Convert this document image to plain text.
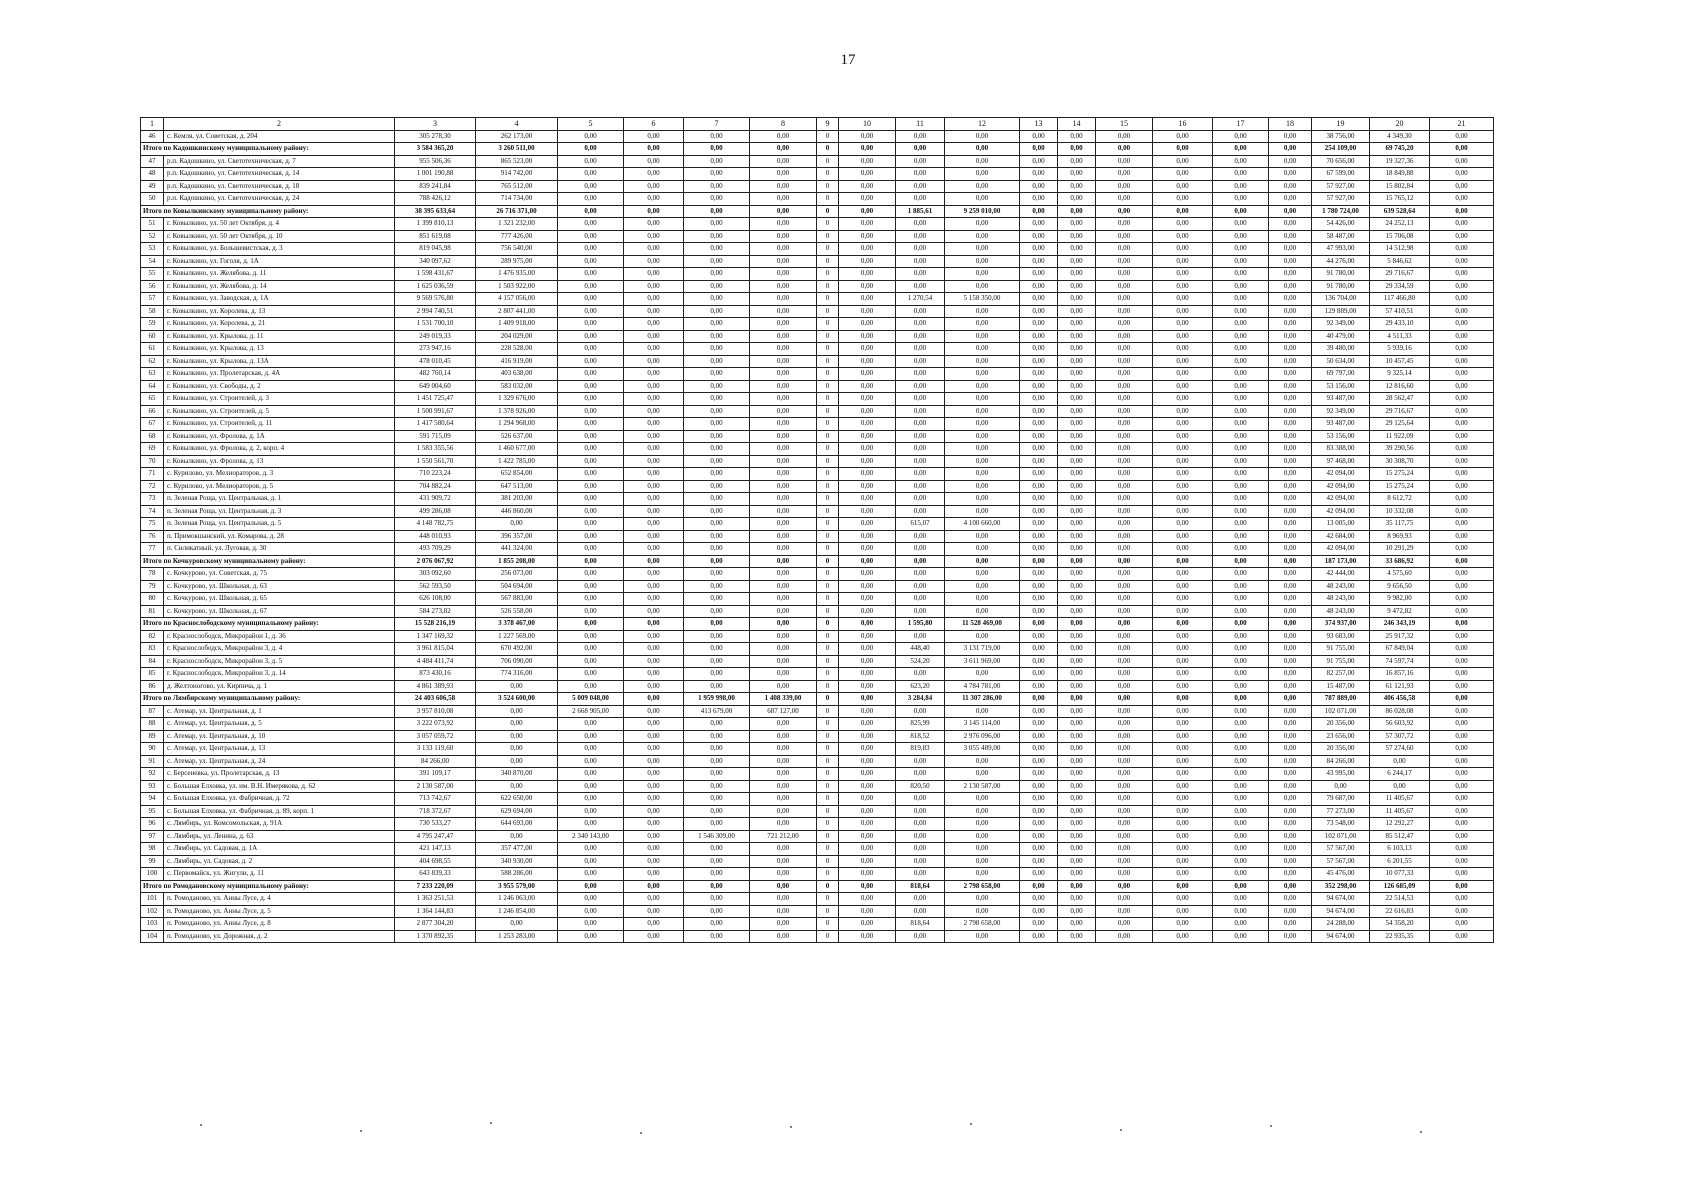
17
1	2	3	4	5	6	7	8	9	10	11	12	13	14	15	16	17	18	19	20	21
46	с. Кемля, ул. Советская, д. 204	305 278,30	262 173,00	0,00	0,00	0,00	0,00	0	0,00	0,00	0,00	0,00	0,00	0,00	0,00	0,00	0,00	38 756,00	4 349,30	0,00
Итого по Кадошкинскому муниципальному району:		3 584 365,20	3 260 511,00	0,00	0,00	0,00	0,00	0	0,00	0,00	0,00	0,00	0,00	0,00	0,00	0,00	0,00	254 109,00	69 745,20	0,00
47	р.п. Кадошкино, ул. Светотехническая, д. 7	955 506,36	865 523,00	0,00	0,00	0,00	0,00	0	0,00	0,00	0,00	0,00	0,00	0,00	0,00	0,00	0,00	70 656,00	19 327,36	0,00
48	р.п. Кадошкино, ул. Светотехническая, д. 14	1 001 190,88	914 742,00	0,00	0,00	0,00	0,00	0	0,00	0,00	0,00	0,00	0,00	0,00	0,00	0,00	0,00	67 599,00	18 849,88	0,00
49	р.п. Кадошкино, ул. Светотехническая, д. 18	839 241,84	765 512,00	0,00	0,00	0,00	0,00	0	0,00	0,00	0,00	0,00	0,00	0,00	0,00	0,00	0,00	57 927,00	15 802,84	0,00
50	р.п. Кадошкино, ул. Светотехническая, д. 24	788 426,12	714 734,00	0,00	0,00	0,00	0,00	0	0,00	0,00	0,00	0,00	0,00	0,00	0,00	0,00	0,00	57 927,00	15 765,12	0,00
Итого по Ковылкинскому муниципальному району:		38 395 633,64	26 716 371,00	0,00	0,00	0,00	0,00	0	0,00	1 885,61	9 259 010,00	0,00	0,00	0,00	0,00	0,00	0,00	1 780 724,00	639 528,64	0,00
51	г. Ковылкино, ул. 50 лет Октября, д. 4	1 399 810,13	1 321 232,00	0,00	0,00	0,00	0,00	0	0,00	0,00	0,00	0,00	0,00	0,00	0,00	0,00	0,00	54 426,00	24 252,13	0,00
52	г. Ковылкино, ул. 50 лет Октября, д. 10	851 619,08	777 426,00	0,00	0,00	0,00	0,00	0	0,00	0,00	0,00	0,00	0,00	0,00	0,00	0,00	0,00	58 487,00	15 706,08	0,00
53	г. Ковылкино, ул. Большевистская, д. 3	819 045,98	756 540,00	0,00	0,00	0,00	0,00	0	0,00	0,00	0,00	0,00	0,00	0,00	0,00	0,00	0,00	47 993,00	14 512,98	0,00
54	г. Ковылкино, ул. Гоголя, д. 1А	340 097,62	289 975,00	0,00	0,00	0,00	0,00	0	0,00	0,00	0,00	0,00	0,00	0,00	0,00	0,00	0,00	44 276,00	5 846,62	0,00
55	г. Ковылкино, ул. Желябова, д. 11	1 598 431,67	1 476 935,00	0,00	0,00	0,00	0,00	0	0,00	0,00	0,00	0,00	0,00	0,00	0,00	0,00	0,00	91 780,00	29 716,67	0,00
56	г. Ковылкино, ул. Желябова, д. 14	1 625 036,59	1 503 922,00	0,00	0,00	0,00	0,00	0	0,00	0,00	0,00	0,00	0,00	0,00	0,00	0,00	0,00	91 780,00	29 334,59	0,00
57	г. Ковылкино, ул. Заводская, д. 1А	9 569 576,80	4 157 056,00	0,00	0,00	0,00	0,00	0	0,00	1 270,54	5 158 350,00	0,00	0,00	0,00	0,00	0,00	0,00	136 704,00	117 466,80	0,00
58	г. Ковылкино, ул. Королева, д. 13	2 994 740,51	2 807 441,00	0,00	0,00	0,00	0,00	0	0,00	0,00	0,00	0,00	0,00	0,00	0,00	0,00	0,00	129 889,00	57 410,51	0,00
59	г. Ковылкино, ул. Королева, д. 21	1 531 700,10	1 409 918,00	0,00	0,00	0,00	0,00	0	0,00	0,00	0,00	0,00	0,00	0,00	0,00	0,00	0,00	92 349,00	29 433,10	0,00
60	г. Ковылкино, ул. Крылова, д. 11	249 019,33	204 029,00	0,00	0,00	0,00	0,00	0	0,00	0,00	0,00	0,00	0,00	0,00	0,00	0,00	0,00	40 479,00	4 511,33	0,00
61	г. Ковылкино, ул. Крылова, д. 13	273 947,16	228 528,00	0,00	0,00	0,00	0,00	0	0,00	0,00	0,00	0,00	0,00	0,00	0,00	0,00	0,00	39 480,00	5 939,16	0,00
62	г. Ковылкино, ул. Крылова, д. 13А	478 010,45	416 919,00	0,00	0,00	0,00	0,00	0	0,00	0,00	0,00	0,00	0,00	0,00	0,00	0,00	0,00	50 634,00	10 457,45	0,00
63	г. Ковылкино, ул. Пролетарская, д. 4А	482 760,14	403 638,00	0,00	0,00	0,00	0,00	0	0,00	0,00	0,00	0,00	0,00	0,00	0,00	0,00	0,00	69 797,00	9 325,14	0,00
64	г. Ковылкино, ул. Свободы, д. 2	649 004,60	583 032,00	0,00	0,00	0,00	0,00	0	0,00	0,00	0,00	0,00	0,00	0,00	0,00	0,00	0,00	53 156,00	12 816,60	0,00
65	г. Ковылкино, ул. Строителей, д. 3	1 451 725,47	1 329 676,00	0,00	0,00	0,00	0,00	0	0,00	0,00	0,00	0,00	0,00	0,00	0,00	0,00	0,00	93 487,00	28 562,47	0,00
66	г. Ковылкино, ул. Строителей, д. 5	1 500 991,67	1 378 926,00	0,00	0,00	0,00	0,00	0	0,00	0,00	0,00	0,00	0,00	0,00	0,00	0,00	0,00	92 349,00	29 716,67	0,00
67	г. Ковылкино, ул. Строителей, д. 11	1 417 580,64	1 294 968,00	0,00	0,00	0,00	0,00	0	0,00	0,00	0,00	0,00	0,00	0,00	0,00	0,00	0,00	93 487,00	29 125,64	0,00
68	г. Ковылкино, ул. Фролова, д. 1А	591 715,09	526 637,00	0,00	0,00	0,00	0,00	0	0,00	0,00	0,00	0,00	0,00	0,00	0,00	0,00	0,00	53 156,00	11 922,09	0,00
69	г. Ковылкино, ул. Фролова, д. 2, корп. 4	1 583 355,56	1 460 677,00	0,00	0,00	0,00	0,00	0	0,00	0,00	0,00	0,00	0,00	0,00	0,00	0,00	0,00	83 388,00	39 290,56	0,00
70	г. Ковылкино, ул. Фролова, д. 13	1 550 561,70	1 422 785,00	0,00	0,00	0,00	0,00	0	0,00	0,00	0,00	0,00	0,00	0,00	0,00	0,00	0,00	97 468,00	30 308,70	0,00
71	с. Курилово, ул. Мелиораторов, д. 3	710 223,24	652 854,00	0,00	0,00	0,00	0,00	0	0,00	0,00	0,00	0,00	0,00	0,00	0,00	0,00	0,00	42 094,00	15 275,24	0,00
72	с. Курилово, ул. Мелиораторов, д. 5	704 882,24	647 513,00	0,00	0,00	0,00	0,00	0	0,00	0,00	0,00	0,00	0,00	0,00	0,00	0,00	0,00	42 094,00	15 275,24	0,00
73	п. Зеленая Роща, ул. Центральная, д. 1	431 909,72	381 203,00	0,00	0,00	0,00	0,00	0	0,00	0,00	0,00	0,00	0,00	0,00	0,00	0,00	0,00	42 094,00	8 612,72	0,00
74	п. Зеленая Роща, ул. Центральная, д. 3	499 286,08	446 860,00	0,00	0,00	0,00	0,00	0	0,00	0,00	0,00	0,00	0,00	0,00	0,00	0,00	0,00	42 094,00	10 332,08	0,00
75	п. Зеленая Роща, ул. Центральная, д. 5	4 148 782,75	0,00	0,00	0,00	0,00	0,00	0	0,00	615,07	4 100 660,00	0,00	0,00	0,00	0,00	0,00	0,00	13 005,00	35 117,75	0,00
76	п. Примокшанский, ул. Комарова, д. 28	448 010,93	396 357,00	0,00	0,00	0,00	0,00	0	0,00	0,00	0,00	0,00	0,00	0,00	0,00	0,00	0,00	42 684,00	8 969,93	0,00
77	п. Силикатный, ул. Луговая, д. 30	493 709,29	441 324,00	0,00	0,00	0,00	0,00	0	0,00	0,00	0,00	0,00	0,00	0,00	0,00	0,00	0,00	42 094,00	10 291,29	0,00
Итого по Кочкуровскому муниципальному району:		2 076 067,92	1 855 208,00	0,00	0,00	0,00	0,00	0	0,00	0,00	0,00	0,00	0,00	0,00	0,00	0,00	0,00	187 173,00	33 686,92	0,00
78	с. Кочкурово, ул. Советская, д. 75	303 092,60	256 073,00	0,00	0,00	0,00	0,00	0	0,00	0,00	0,00	0,00	0,00	0,00	0,00	0,00	0,00	42 444,00	4 575,60	0,00
79	с. Кочкурово, ул. Школьная, д. 63	562 593,50	504 694,00	0,00	0,00	0,00	0,00	0	0,00	0,00	0,00	0,00	0,00	0,00	0,00	0,00	0,00	48 243,00	9 656,50	0,00
80	с. Кочкурово, ул. Школьная, д. 65	626 108,00	567 883,00	0,00	0,00	0,00	0,00	0	0,00	0,00	0,00	0,00	0,00	0,00	0,00	0,00	0,00	48 243,00	9 982,00	0,00
81	с. Кочкурово, ул. Школьная, д. 67	584 273,82	526 558,00	0,00	0,00	0,00	0,00	0	0,00	0,00	0,00	0,00	0,00	0,00	0,00	0,00	0,00	48 243,00	9 472,82	0,00
Итого по Краснослободскому муниципальному району:		15 528 216,19	3 378 467,00	0,00	0,00	0,00	0,00	0	0,00	1 595,80	11 528 469,00	0,00	0,00	0,00	0,00	0,00	0,00	374 937,00	246 343,19	0,00
82	г. Краснослободск, Микрорайон 1, д. 36	1 347 169,32	1 227 569,00	0,00	0,00	0,00	0,00	0	0,00	0,00	0,00	0,00	0,00	0,00	0,00	0,00	0,00	93 683,00	25 917,32	0,00
83	г. Краснослободск, Микрорайон 3, д. 4	3 961 815,04	670 492,00	0,00	0,00	0,00	0,00	0	0,00	448,40	3 131 719,00	0,00	0,00	0,00	0,00	0,00	0,00	91 755,00	67 849,04	0,00
84	г. Краснослободск, Микрорайон 3, д. 5	4 484 411,74	706 090,00	0,00	0,00	0,00	0,00	0	0,00	524,20	3 611 969,00	0,00	0,00	0,00	0,00	0,00	0,00	91 755,00	74 597,74	0,00
85	г. Краснослободск, Микрорайон 3, д. 14	873 430,16	774 316,00	0,00	0,00	0,00	0,00	0	0,00	0,00	0,00	0,00	0,00	0,00	0,00	0,00	0,00	82 257,00	16 857,16	0,00
86	д. Желтоногово, ул. Кирпича, д. 1	4 861 389,93	0,00	0,00	0,00	0,00	0,00	0	0,00	623,20	4 784 781,00	0,00	0,00	0,00	0,00	0,00	0,00	15 487,00	61 121,93	0,00
Итого по Лямбирскому муниципальному району:		24 403 606,58	3 524 600,00	5 009 048,00	0,00	1 959 998,00	1 408 339,00	0	0,00	3 284,84	11 307 286,00	0,00	0,00	0,00	0,00	0,00	0,00	787 889,00	406 456,58	0,00
87	с. Атемар, ул. Центральная, д. 1	3 957 810,08	0,00	2 668 905,00	0,00	413 679,00	687 127,00	0	0,00	0,00	0,00	0,00	0,00	0,00	0,00	0,00	0,00	102 071,00	86 028,08	0,00
88	с. Атемар, ул. Центральная, д. 5	3 222 073,92	0,00	0,00	0,00	0,00	0,00	0	0,00	825,99	3 145 114,00	0,00	0,00	0,00	0,00	0,00	0,00	20 356,00	56 603,92	0,00
89	с. Атемар, ул. Центральная, д. 10	3 057 059,72	0,00	0,00	0,00	0,00	0,00	0	0,00	818,52	2 976 096,00	0,00	0,00	0,00	0,00	0,00	0,00	23 656,00	57 307,72	0,00
90	с. Атемар, ул. Центральная, д. 13	3 133 119,60	0,00	0,00	0,00	0,00	0,00	0	0,00	819,83	3 055 489,00	0,00	0,00	0,00	0,00	0,00	0,00	20 356,00	57 274,60	0,00
91	с. Атемар, ул. Центральная, д. 24	84 266,00	0,00	0,00	0,00	0,00	0,00	0	0,00	0,00	0,00	0,00	0,00	0,00	0,00	0,00	0,00	84 266,00	0,00	0,00
92	с. Берсеневка, ул. Пролетарская, д. 13	391 109,17	340 870,00	0,00	0,00	0,00	0,00	0	0,00	0,00	0,00	0,00	0,00	0,00	0,00	0,00	0,00	43 995,00	6 244,17	0,00
93	с. Большая Елховка, ул. им. В.Н. Имерякова, д. 62	2 130 587,00	0,00	0,00	0,00	0,00	0,00	0	0,00	820,50	2 130 587,00	0,00	0,00	0,00	0,00	0,00	0,00	0,00	0,00	0,00
94	с. Большая Елховка, ул. Фабричная, д. 72	713 742,67	622 650,00	0,00	0,00	0,00	0,00	0	0,00	0,00	0,00	0,00	0,00	0,00	0,00	0,00	0,00	79 687,00	11 405,67	0,00
95	с. Большая Елховка, ул. Фабричная, д. 89, корп. 1	718 372,67	629 694,00	0,00	0,00	0,00	0,00	0	0,00	0,00	0,00	0,00	0,00	0,00	0,00	0,00	0,00	77 273,00	11 405,67	0,00
96	с. Лямбирь, ул. Комсомольская, д. 91А	730 533,27	644 693,00	0,00	0,00	0,00	0,00	0	0,00	0,00	0,00	0,00	0,00	0,00	0,00	0,00	0,00	73 548,00	12 292,27	0,00
97	с. Лямбирь, ул. Ленина, д. 63	4 795 247,47	0,00	2 340 143,00	0,00	1 546 309,00	721 212,00	0	0,00	0,00	0,00	0,00	0,00	0,00	0,00	0,00	0,00	102 071,00	85 512,47	0,00
98	с. Лямбирь, ул. Садовая, д. 1А	421 147,13	357 477,00	0,00	0,00	0,00	0,00	0	0,00	0,00	0,00	0,00	0,00	0,00	0,00	0,00	0,00	57 567,00	6 103,13	0,00
99	с. Лямбирь, ул. Садовая, д. 2	404 698,55	340 930,00	0,00	0,00	0,00	0,00	0	0,00	0,00	0,00	0,00	0,00	0,00	0,00	0,00	0,00	57 567,00	6 201,55	0,00
100	с. Первомайск, ул. Жигули, д. 11	643 839,33	588 286,00	0,00	0,00	0,00	0,00	0	0,00	0,00	0,00	0,00	0,00	0,00	0,00	0,00	0,00	45 476,00	10 077,33	0,00
Итого по Ромодановскому муниципальному району:		7 233 220,09	3 955 579,00	0,00	0,00	0,00	0,00	0	0,00	818,64	2 798 658,00	0,00	0,00	0,00	0,00	0,00	0,00	352 298,00	126 685,09	0,00
101	п. Ромоданово, ул. Анны Луce, д. 4	1 363 251,53	1 246 063,00	0,00	0,00	0,00	0,00	0	0,00	0,00	0,00	0,00	0,00	0,00	0,00	0,00	0,00	94 674,00	22 514,53	0,00
102	п. Ромоданово, ул. Анны Луce, д. 5	1 364 144,83	1 246 854,00	0,00	0,00	0,00	0,00	0	0,00	0,00	0,00	0,00	0,00	0,00	0,00	0,00	0,00	94 674,00	22 616,83	0,00
103	п. Ромоданово, ул. Анны Луce, д. 8	2 877 304,20	0,00	0,00	0,00	0,00	0,00	0	0,00	818,64	2 798 658,00	0,00	0,00	0,00	0,00	0,00	0,00	24 288,00	54 358,20	0,00
104	п. Ромоданово, ул. Дорожная, д. 2	1 370 892,35	1 253 283,00	0,00	0,00	0,00	0,00	0	0,00	0,00	0,00	0,00	0,00	0,00	0,00	0,00	0,00	94 674,00	22 935,35	0,00
